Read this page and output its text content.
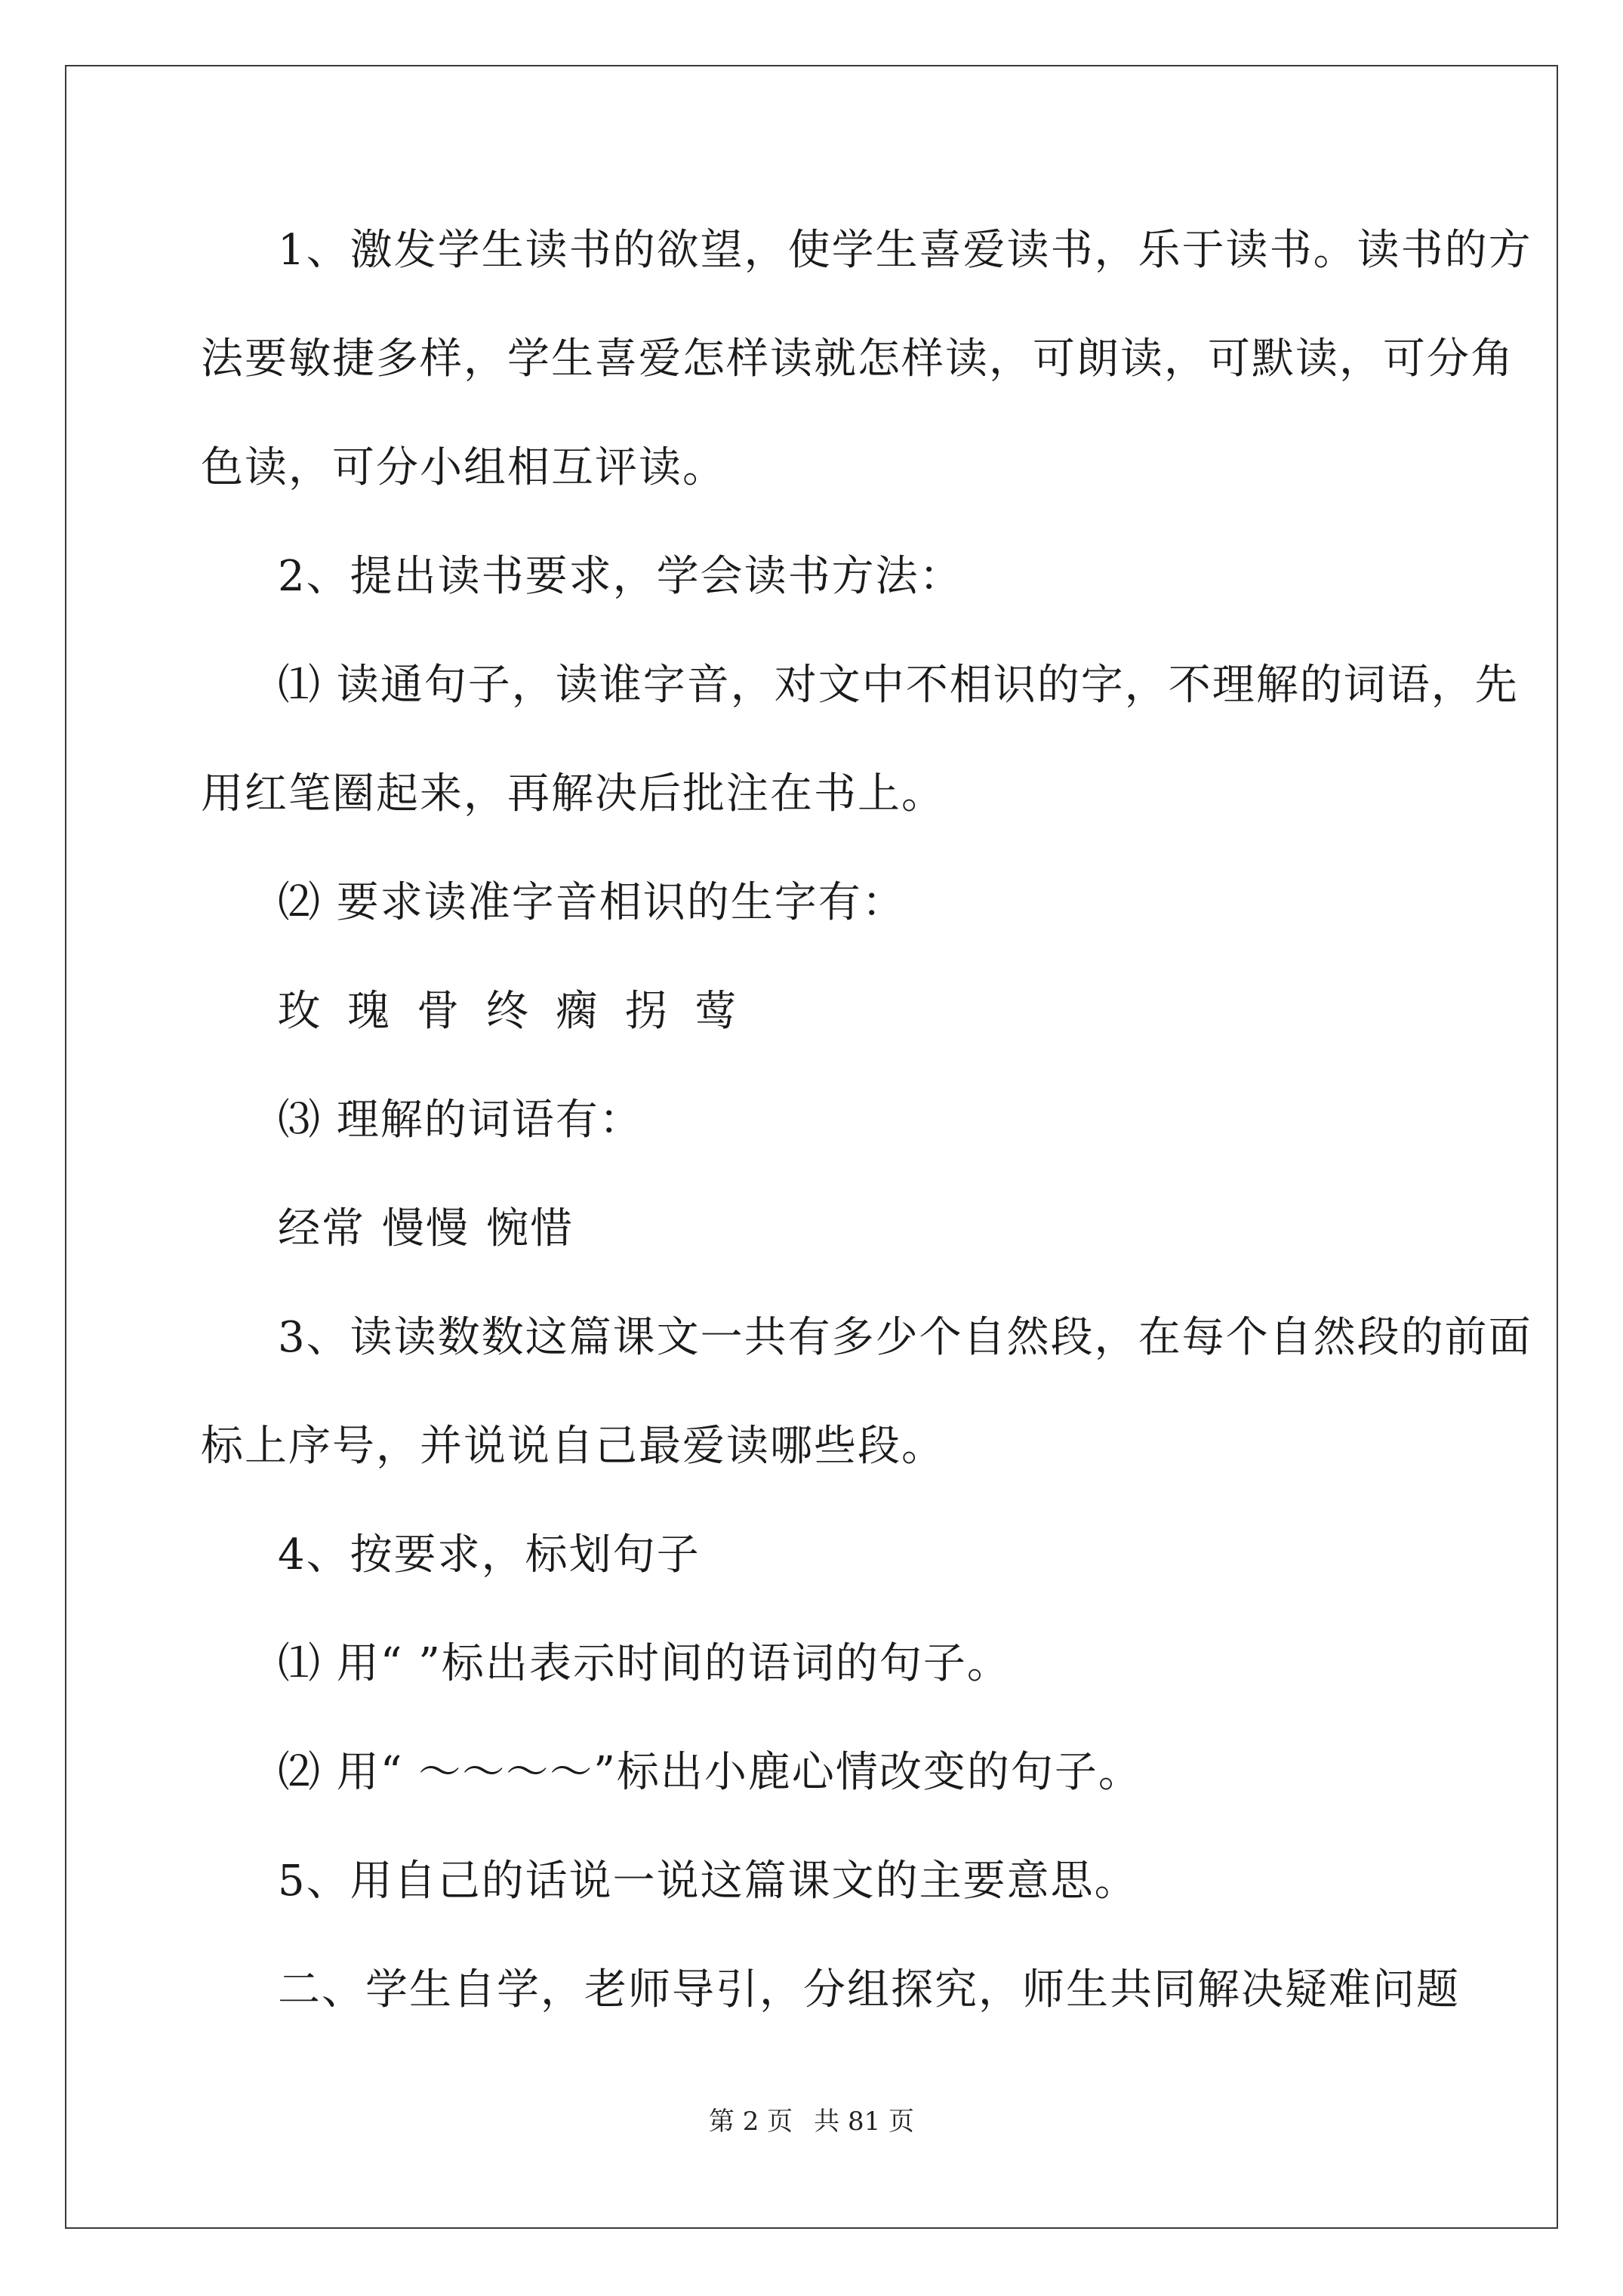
1、激发学生读书的欲望，使学生喜爱读书，乐于读书。读书的方
法要敏捷多样，学生喜爱怎样读就怎样读，可朗读，可默读，可分角
色读，可分小组相互评读。
2、提出读书要求，学会读书方法：
⑴ 读通句子，读谁字音，对文中不相识的字，不理解的词语，先
用红笔圈起来，再解决后批注在书上。
⑵ 要求读准字音相识的生字有：
玫 瑰 骨 终 瘸 拐 莺
⑶ 理解的词语有：
经常 慢慢 惋惜
3、读读数数这篇课文一共有多少个自然段，在每个自然段的前面
标上序号，并说说自己最爱读哪些段。
4、按要求，标划句子
⑴ 用“ ”标出表示时间的语词的句子。
⑵ 用“ ～～～～”标出小鹿心情改变的句子。
5、用自己的话说一说这篇课文的主要意思。
二、学生自学，老师导引，分组探究，师生共同解决疑难问题
第 2 页 共 81 页
